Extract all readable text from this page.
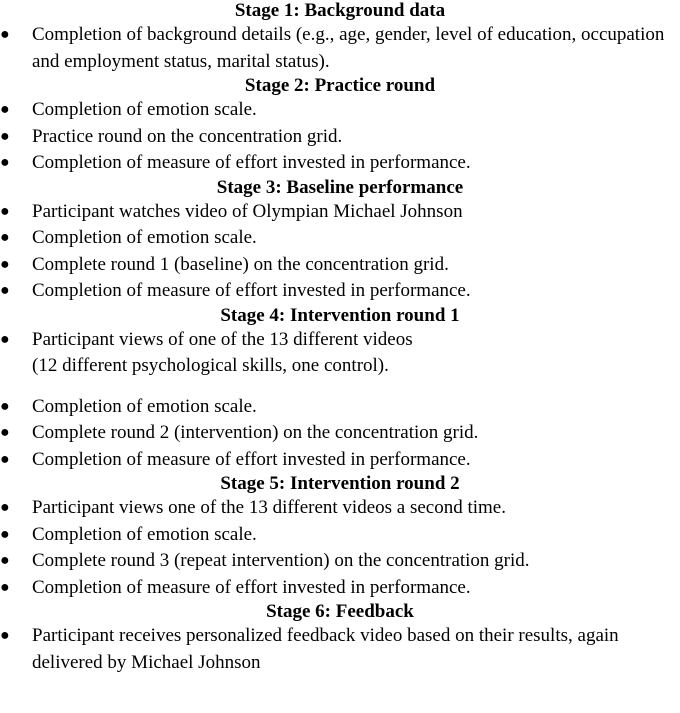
Stage 1: Background data

●	Completion of background details (e.g., age, gender, level of education, occupation and employment status, marital status).

Stage 2: Practice round

●	Completion of emotion scale.

●	Practice round on the concentration grid.

●	Completion of measure of effort invested in performance.

Stage 3: Baseline performance

●	Participant watches video of Olympian Michael Johnson

●	Completion of emotion scale.

●	Complete round 1 (baseline) on the concentration grid.

●	Completion of measure of effort invested in performance.

Stage 4: Intervention round 1

●	Participant views of one of the 13 different videos
(12 different psychological skills, one control).

●	Completion of emotion scale.

●	Complete round 2 (intervention) on the concentration grid.

●	Completion of measure of effort invested in performance.

Stage 5: Intervention round 2

●	Participant views one of the 13 different videos a second time.

●	Completion of emotion scale.

●	Complete round 3 (repeat intervention) on the concentration grid.

●	Completion of measure of effort invested in performance.

Stage 6: Feedback

●	Participant receives personalized feedback video based on their results, again delivered by Michael Johnson
